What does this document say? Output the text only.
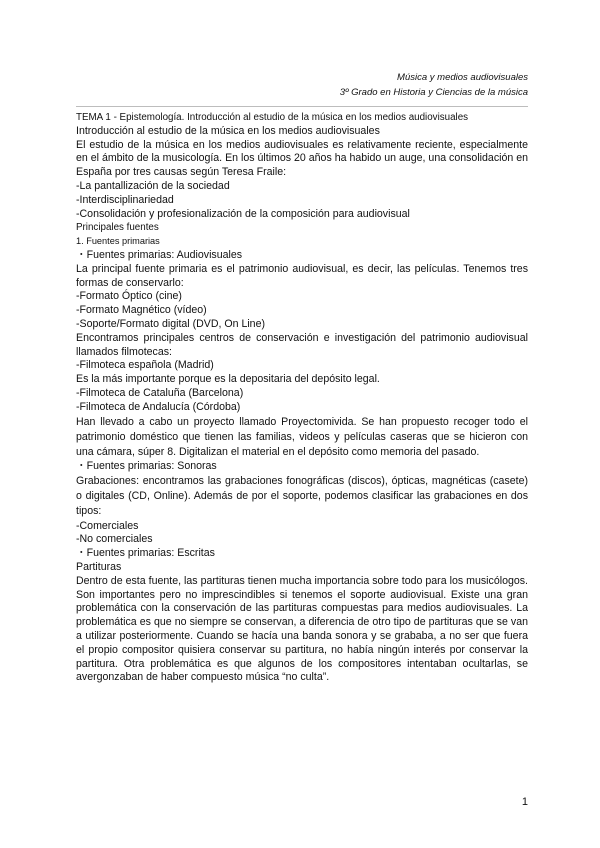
Música y medios audiovisuales
3º Grado en Historia y Ciencias de la música

TEMA 1 - Epistemología. Introducción al estudio de la música en los medios audiovisuales

Introducción al estudio de la música en los medios audiovisuales

El estudio de la música en los medios audiovisuales es relativamente reciente, especialmente en el ámbito de la musicología. En los últimos 20 años ha habido un auge, una consolidación en España por tres causas según Teresa Fraile:

-La pantallización de la sociedad

-Interdisciplinariedad

-Consolidación y profesionalización de la composición para audiovisual

Principales fuentes

1. Fuentes primarias

・Fuentes primarias: Audiovisuales

La principal fuente primaria es el patrimonio audiovisual, es decir, las películas. Tenemos tres formas de conservarlo:

-Formato Óptico (cine)

-Formato Magnético (vídeo)

-Soporte/Formato digital (DVD, On Line)

Encontramos principales centros de conservación e investigación del patrimonio audiovisual llamados filmotecas:

-Filmoteca española (Madrid)

Es la más importante porque es la depositaria del depósito legal.

-Filmoteca de Cataluña (Barcelona)

-Filmoteca de Andalucía (Córdoba)

Han llevado a cabo un proyecto llamado Proyectomivida. Se han propuesto recoger todo el patrimonio doméstico que tienen las familias, videos y películas caseras que se hicieron con una cámara, súper 8. Digitalizan el material en el depósito como memoria del pasado.

・Fuentes primarias: Sonoras

Grabaciones: encontramos las grabaciones fonográficas (discos), ópticas, magnéticas (casete) o digitales (CD, Online). Además de por el soporte, podemos clasificar las grabaciones en dos tipos:

-Comerciales

-No comerciales

・Fuentes primarias: Escritas

Partituras

Dentro de esta fuente, las partituras tienen mucha importancia sobre todo para los musicólogos. Son importantes pero no imprescindibles si tenemos el soporte audiovisual. Existe una gran problemática con la conservación de las partituras compuestas para medios audiovisuales. La problemática es que no siempre se conservan, a diferencia de otro tipo de partituras que se van a utilizar posteriormente. Cuando se hacía una banda sonora y se grababa, a no ser que fuera el propio compositor quisiera conservar su partitura, no había ningún interés por conservar la partitura. Otra problemática es que algunos de los compositores intentaban ocultarlas, se avergonzaban de haber compuesto música “no culta”.

1
